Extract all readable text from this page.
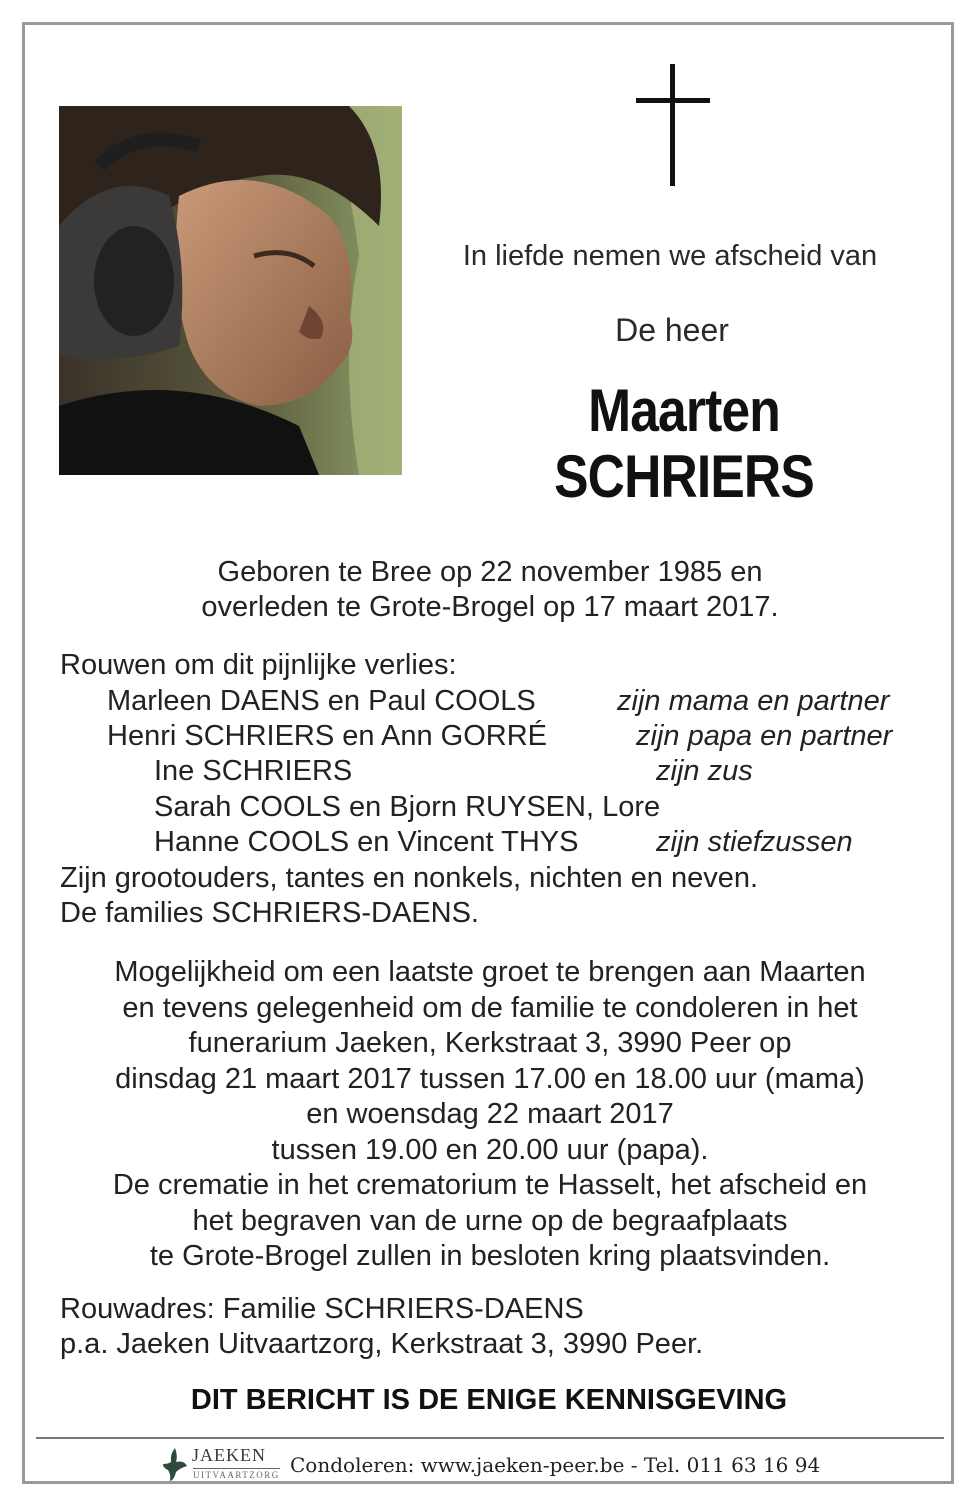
In liefde nemen we afscheid van
De heer
Maarten
SCHRIERS
Geboren te Bree op 22 november 1985 en
overleden te Grote-Brogel op 17 maart 2017.
Rouwen om dit pijnlijke verlies:
Marleen DAENS en Paul COOLS	zijn mama en partner
Henri SCHRIERS en Ann GORRÉ	zijn papa en partner
Ine SCHRIERS	zijn zus
Sarah COOLS en Bjorn RUYSEN, Lore
Hanne COOLS en Vincent THYS	zijn stiefzussen
Zijn grootouders, tantes en nonkels, nichten en neven.
De families SCHRIERS-DAENS.
Mogelijkheid om een laatste groet te brengen aan Maarten
en tevens gelegenheid om de familie te condoleren in het
funerarium Jaeken, Kerkstraat 3, 3990 Peer op
dinsdag 21 maart 2017 tussen 17.00 en 18.00 uur (mama)
en woensdag 22 maart 2017
tussen 19.00 en 20.00 uur (papa).
De crematie in het crematorium te Hasselt, het afscheid en
het begraven van de urne op de begraafplaats
te Grote-Brogel zullen in besloten kring plaatsvinden.
Rouwadres: Familie SCHRIERS-DAENS
p.a. Jaeken Uitvaartzorg, Kerkstraat 3, 3990 Peer.
DIT BERICHT IS DE ENIGE KENNISGEVING
JAEKEN
UITVAARTZORG Condoleren: www.jaeken-peer.be - Tel. 011 63 16 94
